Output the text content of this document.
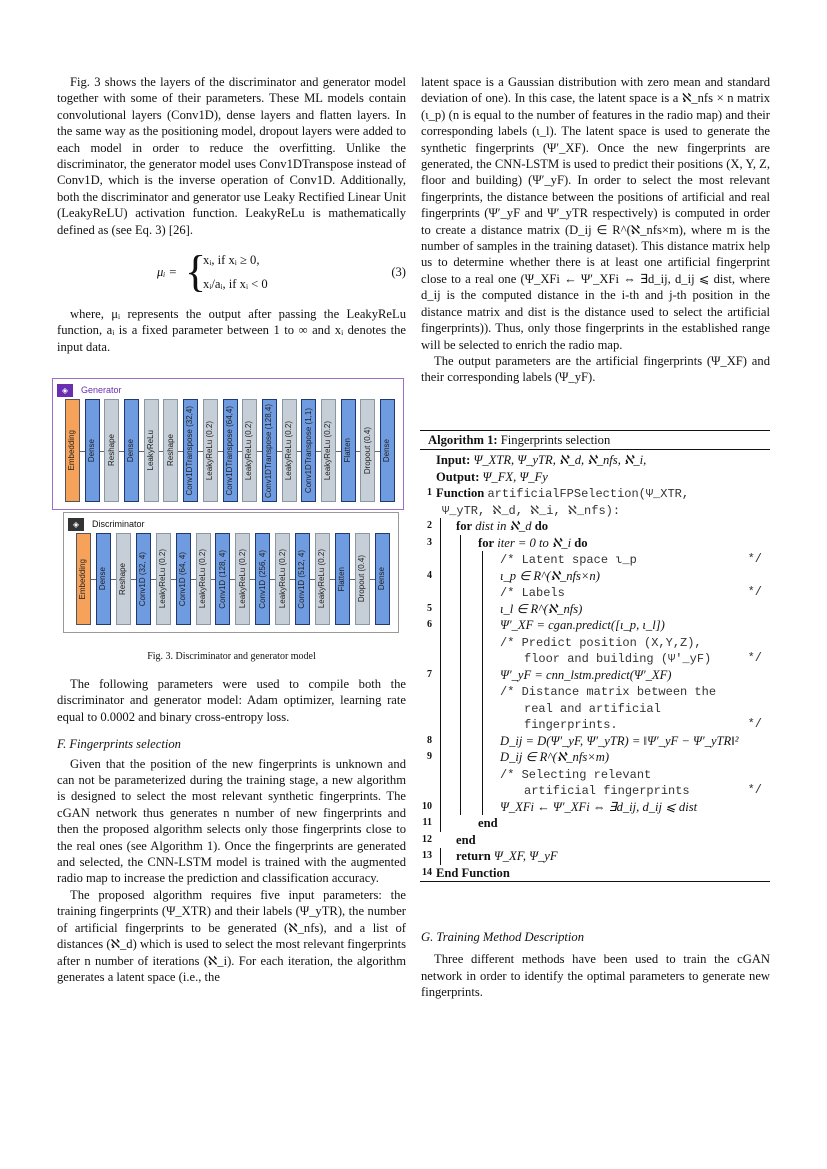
Fig. 3 shows the layers of the discriminator and generator model together with some of their parameters. These ML models contain convolutional layers (Conv1D), dense layers and flatten layers. In the same way as the positioning model, dropout layers were added to each model in order to reduce the overfitting. Unlike the discriminator, the generator model uses Conv1DTranspose instead of Conv1D, which is the inverse operation of Conv1D. Additionally, both the discriminator and generator use Leaky Rectified Linear Unit (LeakyReLU) activation function. LeakyReLu is mathematically defined as (see Eq. 3) [26].

μᵢ = {
xᵢ, if xᵢ ≥ 0,
xᵢ/aᵢ, if xᵢ < 0
(3)

where, μᵢ represents the output after passing the LeakyReLu function, aᵢ is a fixed parameter between 1 to ∞ and xᵢ denotes the input data.

◈	Generator
Embedding	Dense	Reshape	Dense	LeakyReLu	Reshape	Conv1DTranspose (32,4)	LeakyReLu (0.2)	Conv1DTranspose (64,4)	LeakyReLu (0.2)	Conv1DTranspose (128,4)	LeakyReLu (0.2)	Conv1DTranspose (1,1)	LeakyReLu (0.2)	Flatten	Dropout (0.4)	Dense
◈	Discriminator
Embedding	Dense	Reshape	Conv1D (32, 4)	LeakyReLu (0.2)	Conv1D (64, 4)	LeakyReLu (0.2)	Conv1D (128, 4)	LeakyReLu (0.2)	Conv1D (256, 4)	LeakyReLu (0.2)	Conv1D (512, 4)	LeakyReLu (0.2)	Flatten	Dropout (0.4)	Dense
Fig. 3. Discriminator and generator model

The following parameters were used to compile both the discriminator and generator model: Adam optimizer, learning rate equal to 0.0002 and binary cross-entropy loss.

F. Fingerprints selection

Given that the position of the new fingerprints is unknown and can not be parameterized during the training stage, a new algorithm is designed to select the most relevant synthetic fingerprints. The cGAN network thus generates n number of new fingerprints and then the proposed algorithm selects only those fingerprints close to the real ones (see Algorithm 1). Once the fingerprints are generated and selected, the CNN-LSTM model is trained with the augmented radio map to increase the prediction and classification accuracy.

The proposed algorithm requires five input parameters: the training fingerprints (Ψ_XTR) and their labels (Ψ_yTR), the number of artificial fingerprints to be generated (ℵ_nfs), and a list of distances (ℵ_d) which is used to select the most relevant fingerprints after n number of iterations (ℵ_i). For each iteration, the algorithm generates a latent space (i.e., the

latent space is a Gaussian distribution with zero mean and standard deviation of one). In this case, the latent space is a ℵ_nfs × n matrix (ι_p) (n is equal to the number of features in the radio map) and their corresponding labels (ι_l). The latent space is used to generate the synthetic fingerprints (Ψ′_XF). Once the new fingerprints are generated, the CNN-LSTM is used to predict their positions (X, Y, Z, floor and building) (Ψ′_yF). In order to select the most relevant fingerprints, the distance between the positions of artificial and real fingerprints (Ψ′_yF and Ψ′_yTR respectively) is computed in order to create a distance matrix (D_ij ∈ R^(ℵ_nfs×m), where m is the number of samples in the training dataset). This distance matrix help us to determine whether there is at least one artificial fingerprint close to a real one (Ψ_XFi ← Ψ′_XFi ⇔ ∃d_ij, d_ij ⩽ dist, where d_ij is the computed distance in the i-th and j-th position in the distance matrix and dist is the distance used to select the artificial fingerprints)). Thus, only those fingerprints in the established range will be selected to enrich the radio map.

The output parameters are the artificial fingerprints (Ψ_XF) and their corresponding labels (Ψ_yF).

Algorithm 1: Fingerprints selection
Input: Ψ_XTR, Ψ_yTR, ℵ_d, ℵ_nfs, ℵ_i,
Output: Ψ_FX, Ψ_Fy
1 Function artificialFPSelection(Ψ_XTR,
Ψ_yTR, ℵ_d, ℵ_i, ℵ_nfs):
2 for dist in ℵ_d do
3	for iter = 0 to ℵ_i do
/* Latent space ι_p	*/
4	ι_p ∈ R^(ℵ_nfs×n)
/* Labels	*/
5	ι_l ∈ R^(ℵ_nfs)
6	Ψ′_XF = cgan.predict([ι_p, ι_l])
/* Predict position (X,Y,Z),
floor and building (Ψ′_yF)	*/
7	Ψ′_yF = cnn_lstm.predict(Ψ′_XF)
/* Distance matrix between the
real and artificial
fingerprints.	*/
8	D_ij = D(Ψ′_yF, Ψ′_yTR) = ‖Ψ′_yF − Ψ′_yTR‖²
9	D_ij ∈ R^(ℵ_nfs×m)
/* Selecting relevant
artificial fingerprints	*/
10	Ψ_XFi ← Ψ′_XFi ⇔ ∃d_ij, d_ij ⩽ dist
11	end
12 end
13 return Ψ_XF, Ψ_yF
14 End Function
G. Training Method Description

Three different methods have been used to train the cGAN network in order to identify the optimal parameters to generate new fingerprints.
